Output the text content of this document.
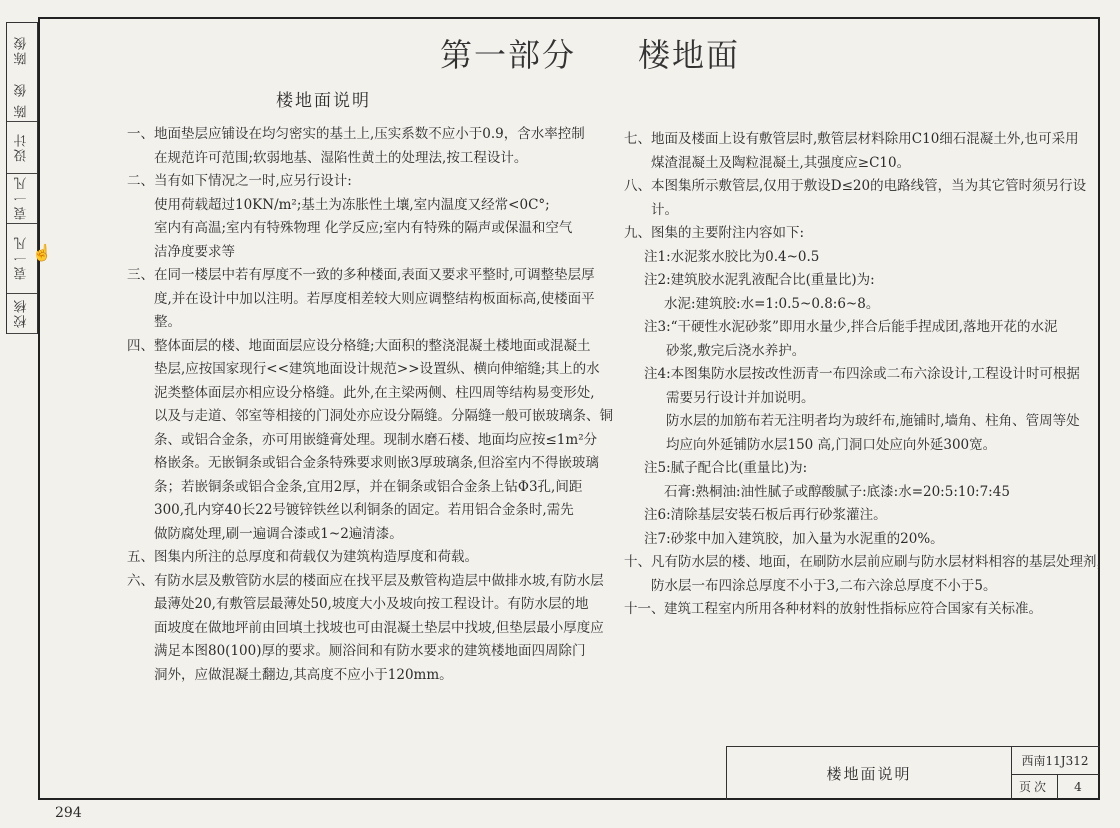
陈俊
陈 俊
设计
袁一凡
袁一凡
校核
☝
第一部分 楼地面
楼地面说明
一、 地面垫层应铺设在均匀密实的基土上,压实系数不应小于0.9，含水率控制
在规范许可范围;软弱地基、湿陷性黄土的处理法,按工程设计。
二、 当有如下情况之一时,应另行设计:
使用荷载超过10KN/m²;基土为冻胀性土壤,室内温度又经常<0C°;
室内有高温;室内有特殊物理 化学反应;室内有特殊的隔声或保温和空气
洁净度要求等
三、 在同一楼层中若有厚度不一致的多种楼面,表面又要求平整时,可调整垫层厚
度,并在设计中加以注明。若厚度相差较大则应调整结构板面标高,使楼面平
整。
四、 整体面层的楼、地面面层应设分格缝;大面积的整浇混凝土楼地面或混凝土
垫层,应按国家现行<<建筑地面设计规范>>设置纵、横向伸缩缝;其上的水
泥类整体面层亦相应设分格缝。此外,在主梁两侧、柱四周等结构易变形处,
以及与走道、邻室等相接的门洞处亦应设分隔缝。分隔缝一般可嵌玻璃条、铜
条、或铝合金条，亦可用嵌缝膏处理。现制水磨石楼、地面均应按≤1m²分
格嵌条。无嵌铜条或铝合金条特殊要求则嵌3厚玻璃条,但浴室内不得嵌玻璃
条；若嵌铜条或铝合金条,宜用2厚，并在铜条或铝合金条上钻Φ3孔,间距
300,孔内穿40长22号镀锌铁丝以利铜条的固定。若用铝合金条时,需先
做防腐处理,刷一遍调合漆或1~2遍清漆。
五、 图集内所注的总厚度和荷载仅为建筑构造厚度和荷载。
六、 有防水层及敷管防水层的楼面应在找平层及敷管构造层中做排水坡,有防水层
最薄处20,有敷管层最薄处50,坡度大小及坡向按工程设计。有防水层的地
面坡度在做地坪前由回填土找坡也可由混凝土垫层中找坡,但垫层最小厚度应
满足本图80(100)厚的要求。厕浴间和有防水要求的建筑楼地面四周除门
洞外，应做混凝土翻边,其高度不应小于120mm。
七、 地面及楼面上设有敷管层时,敷管层材料除用C10细石混凝土外,也可采用
煤渣混凝土及陶粒混凝土,其强度应≥C10。
八、 本图集所示敷管层,仅用于敷设D≤20的电路线管，当为其它管时须另行设
计。
九、 图集的主要附注内容如下:
注1:水泥浆水胶比为0.4~0.5
注2:建筑胶水泥乳液配合比(重量比)为:
水泥:建筑胶:水=1:0.5~0.8:6~8。
注3:“干硬性水泥砂浆”即用水量少,拌合后能手捏成团,落地开花的水泥
砂浆,敷完后浇水养护。
注4:本图集防水层按改性沥青一布四涂或二布六涂设计,工程设计时可根据
需要另行设计并加说明。
防水层的加筋布若无注明者均为玻纤布,施铺时,墙角、柱角、管周等处
均应向外延铺防水层150 高,门洞口处应向外延300宽。
注5:腻子配合比(重量比)为:
石膏:熟桐油:油性腻子或醇酸腻子:底漆:水=20:5:10:7:45
注6:清除基层安装石板后再行砂浆灌注。
注7:砂浆中加入建筑胶，加入量为水泥重的20%。
十、 凡有防水层的楼、地面，在刷防水层前应刷与防水层材料相容的基层处理剂，
防水层一布四涂总厚度不小于3,二布六涂总厚度不小于5。
十一、 建筑工程室内所用各种材料的放射性指标应符合国家有关标准。
楼地面说明
西南11J312
页次	4
294
